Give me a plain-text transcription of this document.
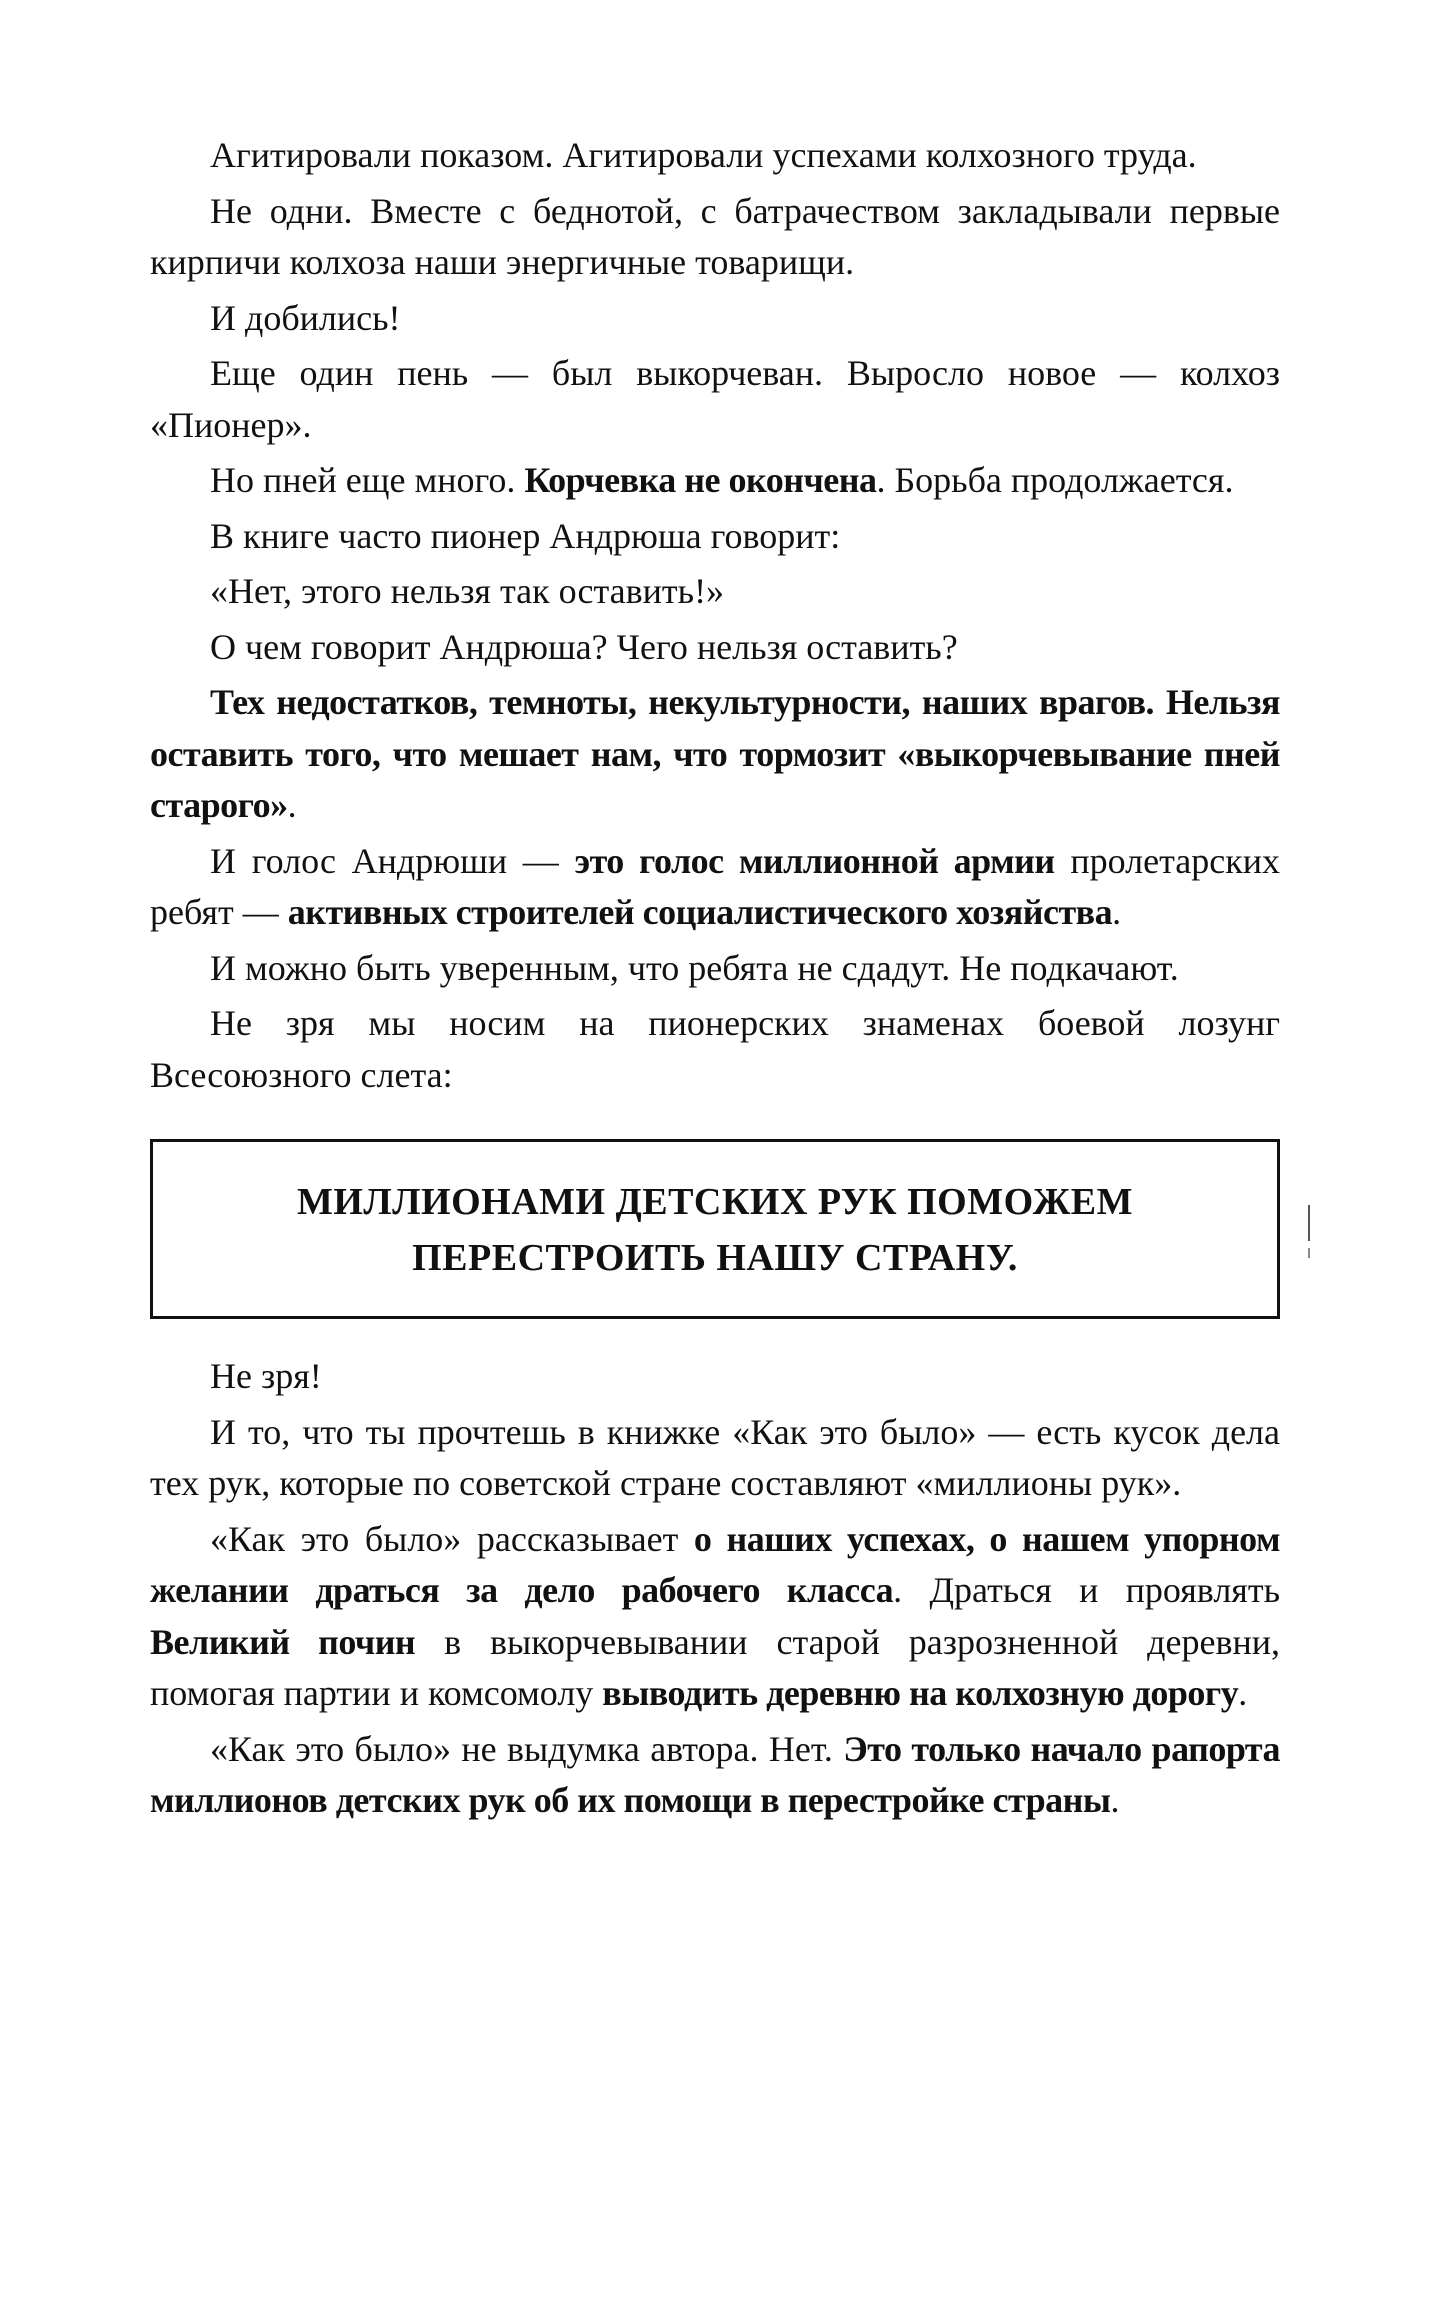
Агитировали показом. Агитировали успехами колхозного труда.

Не одни. Вместе с беднотой, с батрачеством закладывали первые кирпичи колхоза наши энергичные товарищи.

И добились!

Еще один пень — был выкорчеван. Выросло новое — колхоз «Пионер».

Но пней еще много. Корчевка не окончена. Борьба продолжается.

В книге часто пионер Андрюша говорит:

«Нет, этого нельзя так оставить!»

О чем говорит Андрюша? Чего нельзя оставить?

Тех недостатков, темноты, некультурности, наших врагов. Нельзя оставить того, что мешает нам, что тормозит «выкорчевывание пней старого».

И голос Андрюши — это голос миллионной армии пролетарских ребят — активных строителей социалистического хозяйства.

И можно быть уверенным, что ребята не сдадут. Не подкачают.

Не зря мы носим на пионерских знаменах боевой лозунг Всесоюзного слета:

МИЛЛИОНАМИ ДЕТСКИХ РУК ПОМОЖЕМ

ПЕРЕСТРОИТЬ НАШУ СТРАНУ.

Не зря!

И то, что ты прочтешь в книжке «Как это было» — есть кусок дела тех рук, которые по советской стране составляют «миллионы рук».

«Как это было» рассказывает о наших успехах, о нашем упорном желании драться за дело рабочего класса. Драться и проявлять Великий почин в выкорчевывании старой разрозненной деревни, помогая партии и комсомолу выводить деревню на колхозную дорогу.

«Как это было» не выдумка автора. Нет. Это только начало рапорта миллионов детских рук об их помощи в перестройке страны.
